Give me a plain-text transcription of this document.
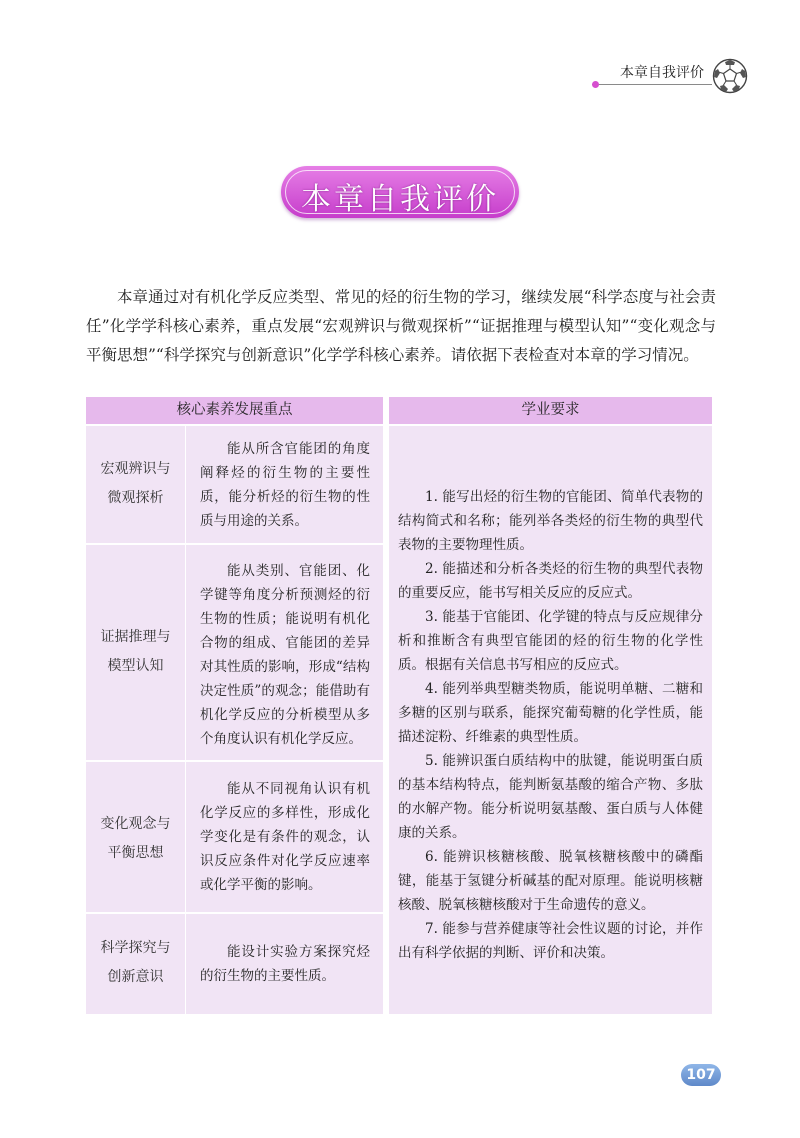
本章自我评价
本章自我评价

本章通过对有机化学反应类型、常见的烃的衍生物的学习，继续发展“科学态度与社会责任”化学学科核心素养，重点发展“宏观辨识与微观探析”“证据推理与模型认知”“变化观念与平衡思想”“科学探究与创新意识”化学学科核心素养。请依据下表检查对本章的学习情况。

核心素养发展重点	学业要求
宏观辨识与
微观探析
能从所含官能团的角度阐释烃的衍生物的主要性质，能分析烃的衍生物的性质与用途的关系。
证据推理与
模型认知
能从类别、官能团、化学键等角度分析预测烃的衍生物的性质；能说明有机化合物的组成、官能团的差异对其性质的影响，形成“结构决定性质”的观念；能借助有机化学反应的分析模型从多个角度认识有机化学反应。
变化观念与
平衡思想
能从不同视角认识有机化学反应的多样性，形成化学变化是有条件的观念，认识反应条件对化学反应速率或化学平衡的影响。
科学探究与
创新意识
能设计实验方案探究烃的衍生物的主要性质。

1. 能写出烃的衍生物的官能团、简单代表物的结构简式和名称；能列举各类烃的衍生物的典型代表物的主要物理性质。

2. 能描述和分析各类烃的衍生物的典型代表物的重要反应，能书写相关反应的反应式。

3. 能基于官能团、化学键的特点与反应规律分析和推断含有典型官能团的烃的衍生物的化学性质。根据有关信息书写相应的反应式。

4. 能列举典型糖类物质，能说明单糖、二糖和多糖的区别与联系，能探究葡萄糖的化学性质，能描述淀粉、纤维素的典型性质。

5. 能辨识蛋白质结构中的肽键，能说明蛋白质的基本结构特点，能判断氨基酸的缩合产物、多肽的水解产物。能分析说明氨基酸、蛋白质与人体健康的关系。

6. 能辨识核糖核酸、脱氧核糖核酸中的磷酯键，能基于氢键分析碱基的配对原理。能说明核糖核酸、脱氧核糖核酸对于生命遗传的意义。

7. 能参与营养健康等社会性议题的讨论，并作出有科学依据的判断、评价和决策。

107
